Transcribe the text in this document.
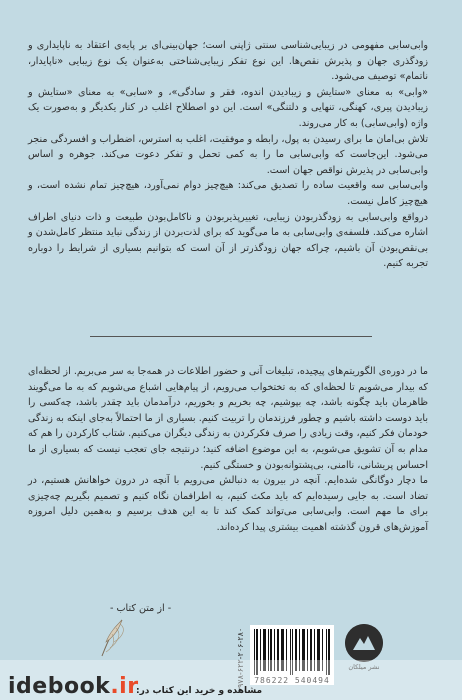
وابی‌سابی مفهومی در زیبایی‌شناسی سنتی ژاپنی است؛ جهان‌بینی‌ای بر پایه‌ی اعتقاد به ناپایداری و زودگذری جهان و پذیرش نقص‌ها. این نوع تفکر زیبایی‌شناختی به‌عنوان یک نوع زیبایی «ناپایدار، ناتمام» توصیف می‌شود.

«وابی» به معنای «ستایش و زیبادیدن اندوه، فقر و سادگی»، و «سابی» به معنای «ستایش و زیبادیدن پیری، کهنگی، تنهایی و دلتنگی» است. این دو اصطلاح اغلب در کنار یکدیگر و به‌صورت یک واژه (وابی‌سابی) به کار می‌روند.

تلاش بی‌امان ما برای رسیدن به پول، رابطه و موفقیت، اغلب به استرس، اضطراب و افسردگی منجر می‌شود. این‌جاست که وابی‌سابی ما را به کمی تحمل و تفکر دعوت می‌کند. جوهره و اساس وابی‌سابی در پذیرش نواقص جهان است.

وابی‌سابی سه واقعیت ساده را تصدیق می‌کند: هیچ‌چیز دوام نمی‌آورد، هیچ‌چیز تمام نشده است، و هیچ‌چیز کامل نیست.

درواقع وابی‌سابی به زودگذربودن زیبایی، تغییرپذیربودن و ناکامل‌بودن طبیعت و ذات دنیای اطراف اشاره می‌کند. فلسفه‌ی وابی‌سابی به ما می‌گوید که برای لذت‌بردن از زندگی نباید منتظر کامل‌شدن و بی‌نقص‌بودن آن باشیم، چراکه جهان زودگذرتر از آن است که بتوانیم بسیاری از شرایط را دوباره تجربه کنیم.

ما در دوره‌ی الگوریتم‌های پیچیده، تبلیغات آنی و حضور اطلاعات در همه‌جا به سر می‌بریم. از لحظه‌ای که بیدار می‌شویم تا لحظه‌ای که به تختخواب می‌رویم، از پیام‌هایی اشباع می‌شویم که به ما می‌گویند ظاهرمان باید چگونه باشد، چه بپوشیم، چه بخریم و بخوریم، درآمدمان باید چقدر باشد، چه‌کسی را باید دوست داشته باشیم و چطور فرزندمان را تربیت کنیم. بسیاری از ما احتمالاً به‌جای اینکه به زندگی خودمان فکر کنیم، وقت زیادی را صرف فکرکردن به زندگی دیگران می‌کنیم. شتاب کارکردن را هم که مدام به آن تشویق می‌شویم، به این موضوع اضافه کنید؛ درنتیجه جای تعجب نیست که بسیاری از ما احساس پریشانی، ناامنی، بی‌پشتوانه‌بودن و خستگی کنیم.

ما دچار دوگانگی شده‌ایم. آنچه در بیرون به دنبالش می‌رویم با آنچه در درون خواهانش هستیم، در تضاد است. به جایی رسیده‌ایم که باید مکث کنیم، به اطرافمان نگاه کنیم و تصمیم بگیریم چه‌چیزی برای ما مهم است. وابی‌سابی می‌تواند کمک کند تا به این هدف برسیم و به‌همین دلیل امروزه آموزش‌های قرون گذشته اهمیت بیشتری پیدا کرده‌اند.

- از متن کتاب -
۹۷۸-۶۲۲-۲۰۶-۲۸۰	786222 540494
نشر میلکان
idebook.ir
مشاهده و خرید این کتاب در:
